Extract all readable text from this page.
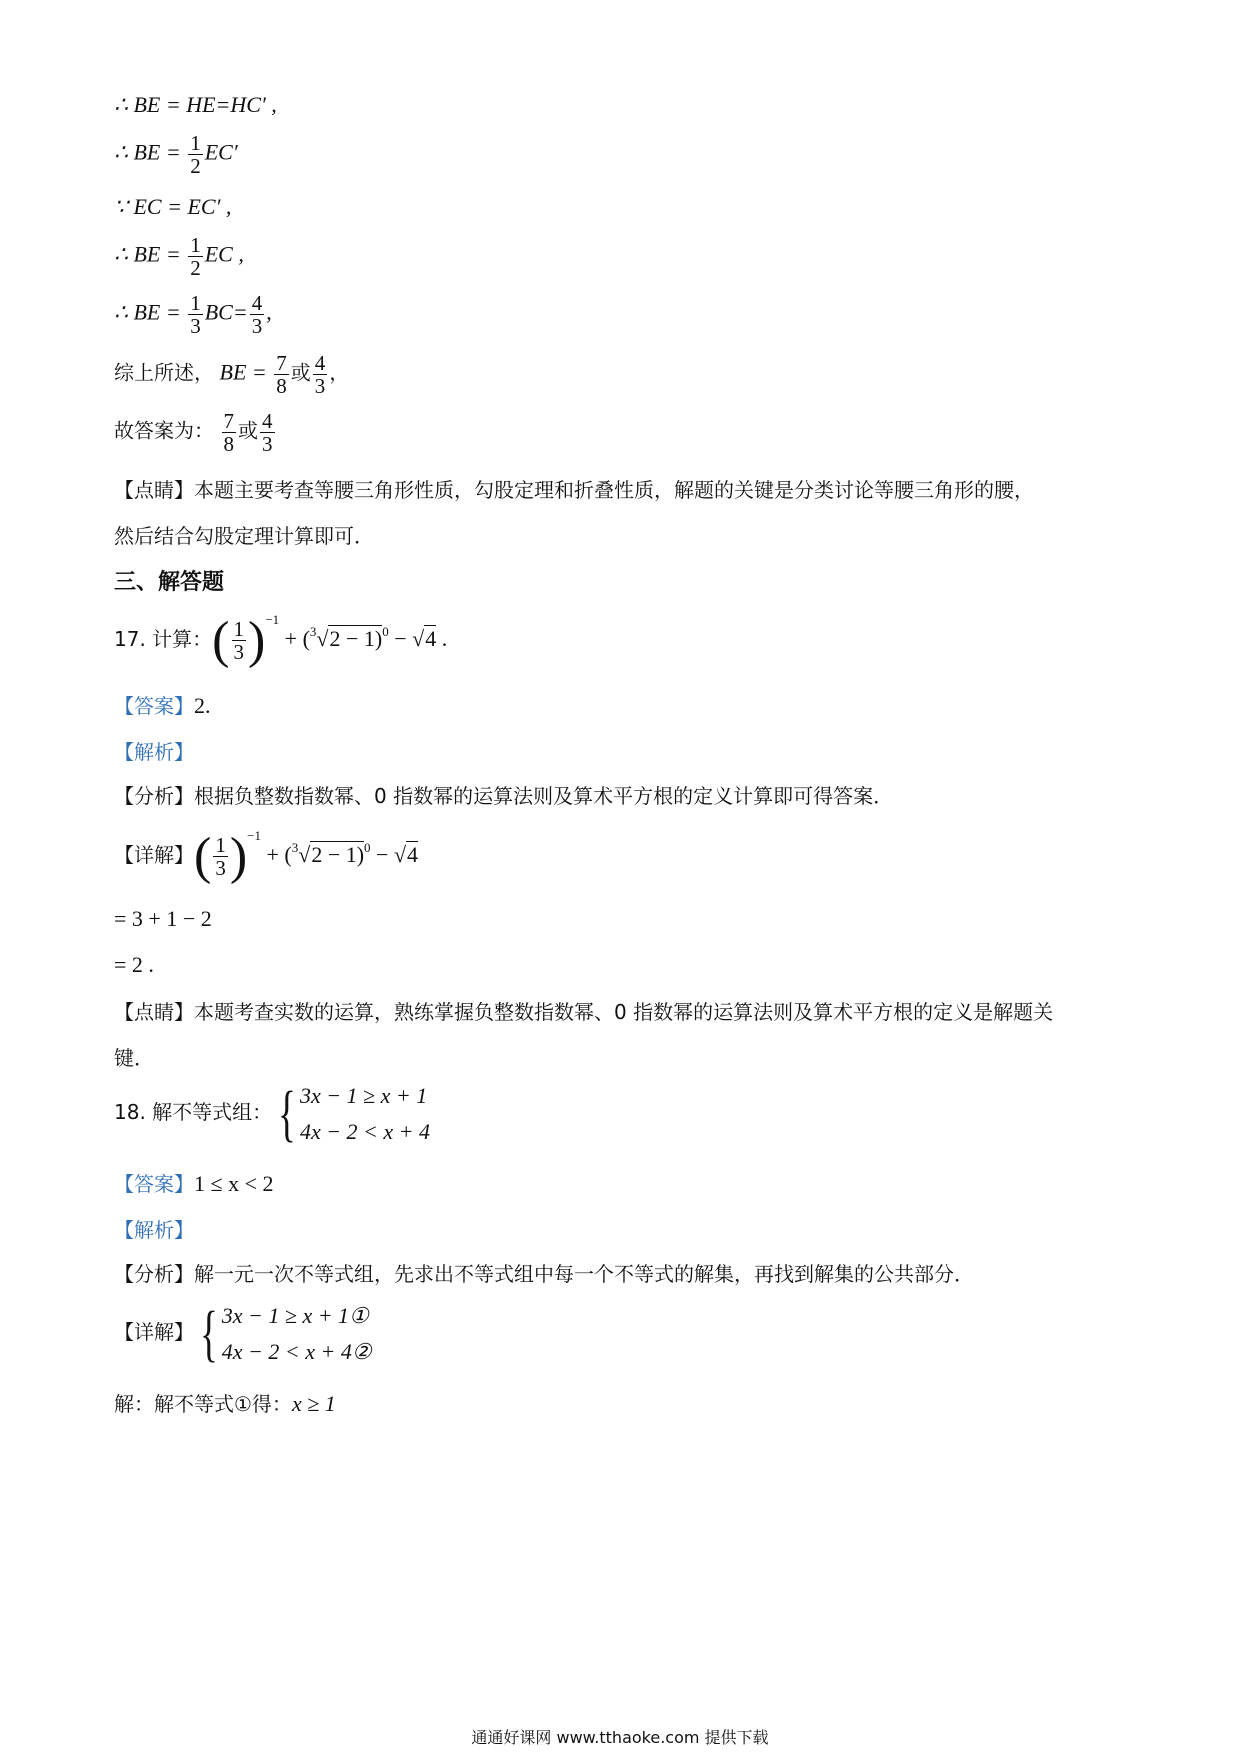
∴ BE = HE=HC′ ,
∴ BE = $\frac{1}{2} EC'$
∵ EC = EC′ ,
∴ BE = $\frac{1}{2}$ EC ,
∴ BE = $\frac{1}{3} BC= \frac{4}{3}$ ,
综上所述， BE = $\frac{7}{8}$ 或 $\frac{4}{3}$ ，
故答案为： $\frac{7}{8}$ 或 $\frac{4}{3}$
【点睛】本题主要考查等腰三角形性质，勾股定理和折叠性质，解题的关键是分类讨论等腰三角形的腰，
然后结合勾股定理计算即可．
三、解答题
17. 计算：( $\frac{1}{3} )^{-1} + (^3√2 - 1)^0 - √4$ .
【答案】2.
【解析】
【分析】根据负整数指数幂、0 指数幂的运算法则及算术平方根的定义计算即可得答案．
【详解】( $\frac{1}{3} )^{-1} + (^3√2 - 1)^0 - √4$
= 3 + 1 − 2
= 2 .
【点睛】本题考查实数的运算，熟练掌握负整数指数幂、0 指数幂的运算法则及算术平方根的定义是解题关
键．
18. 解不等式组：{ 3x − 1 ≥ x + 1
4x − 2 < x + 4
【答案】1 ≤ x < 2
【解析】
【分析】解一元一次不等式组，先求出不等式组中每一个不等式的解集，再找到解集的公共部分．
【详解】{ 3x − 1 ≥ x + 1①
4x − 2 < x + 4②
解：解不等式①得：x ≥ 1
通通好课网 www.tthaoke.com 提供下载
